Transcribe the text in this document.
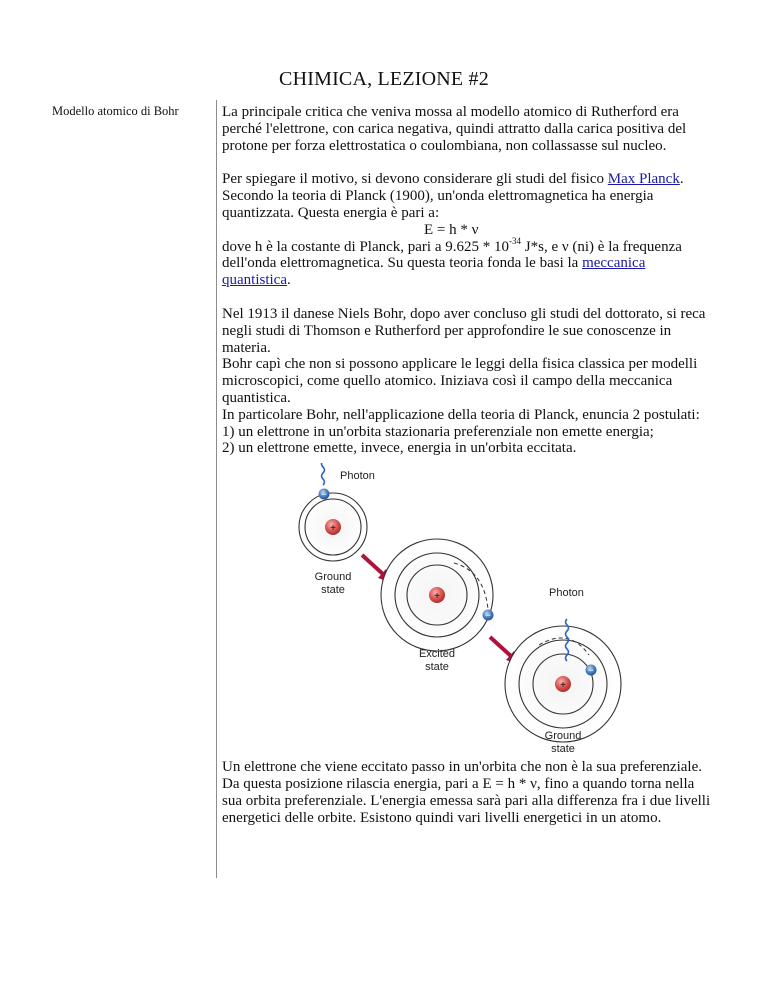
CHIMICA, LEZIONE #2
Modello atomico di Bohr	La principale critica che veniva mossa al modello atomico di Rutherford era perché l'elettrone, con carica negativa, quindi attratto dalla carica positiva del protone per forza elettrostatica o coulombiana, non collassasse sul nucleo.

Per spiegare il motivo, si devono considerare gli studi del fisico Max Planck. Secondo la teoria di Planck (1900), un'onda elettromagnetica ha energia quantizzata. Questa energia è pari a:

E = h * ν

dove h è la costante di Planck, pari a $9.625 * 10^{-34}$ J*s, e ν (ni) è la frequenza dell'onda elettromagnetica. Su questa teoria fonda le basi la meccanica quantistica.

Nel 1913 il danese Niels Bohr, dopo aver concluso gli studi del dottorato, si reca negli studi di Thomson e Rutherford per approfondire le sue conoscenze in materia.

Bohr capì che non si possono applicare le leggi della fisica classica per modelli microscopici, come quello atomico. Iniziava così il campo della meccanica quantistica.

In particolare Bohr, nell'applicazione della teoria di Planck, enuncia 2 postulati:

1) un elettrone in un'orbita stazionaria preferenziale non emette energia;

2) un elettrone emette, invece, energia in un'orbita eccitata.

+
−
Photon
Ground
state
+
−
Excited
state
+
−
Photon
Ground
state

Un elettrone che viene eccitato passo in un'orbita che non è la sua preferenziale. Da questa posizione rilascia energia, pari a E = h * ν, fino a quando torna nella sua orbita preferenziale. L'energia emessa sarà pari alla differenza fra i due livelli energetici delle orbite. Esistono quindi vari livelli energetici in un atomo.
